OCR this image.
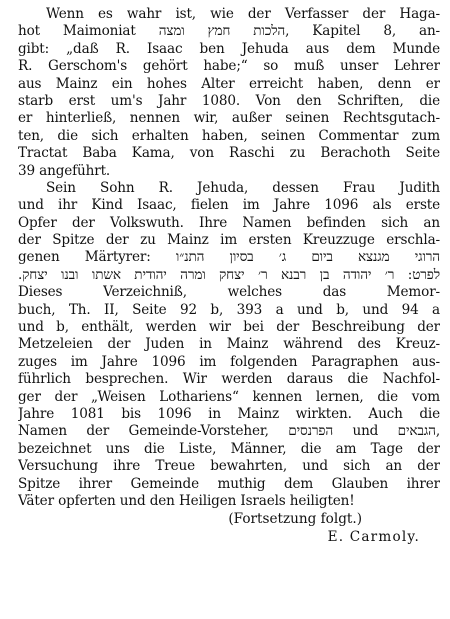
Wenn es wahr ist, wie der Verfasser der Haga-
hot Maimoniat הלכות חמץ ומצה, Kapitel 8, an-
gibt: „daß R. Isaac ben Jehuda aus dem Munde
R. Gerschom's gehört habe;“ so muß unser Lehrer
aus Mainz ein hohes Alter erreicht haben, denn er
starb erst um's Jahr 1080. Von den Schriften, die
er hinterließ, nennen wir, außer seinen Rechtsgutach-
ten, die sich erhalten haben, seinen Commentar zum
Tractat Baba Kama, von Raschi zu Berachoth Seite
39 angeführt.
Sein Sohn R. Jehuda, dessen Frau Judith
und ihr Kind Isaac, fielen im Jahre 1096 als erste
Opfer der Volkswuth. Ihre Namen befinden sich an
der Spitze der zu Mainz im ersten Kreuzzuge erschla-
genen Märtyrer: הרוגי מגנצא ביום ג׳ בסיון התנ״ו
לפרט: ר׳ יהודה בן רבנא ר׳ יצחק ומרה יהודית אשתו ובנו יצחק.
Dieses Verzeichniß, welches das Memor-
buch, Th. II, Seite 92 b, 393 a und b, und 94 a
und b, enthält, werden wir bei der Beschreibung der
Metzeleien der Juden in Mainz während des Kreuz-
zuges im Jahre 1096 im folgenden Paragraphen aus-
führlich besprechen. Wir werden daraus die Nachfol-
ger der „Weisen Lothariens“ kennen lernen, die vom
Jahre 1081 bis 1096 in Mainz wirkten. Auch die
Namen der Gemeinde-Vorsteher, הפרנסים und הגבאים,
bezeichnet uns die Liste, Männer, die am Tage der
Versuchung ihre Treue bewahrten, und sich an der
Spitze ihrer Gemeinde muthig dem Glauben ihrer
Väter opferten und den Heiligen Israels heiligten!
(Fortsetzung folgt.)
E. Carmoly.
